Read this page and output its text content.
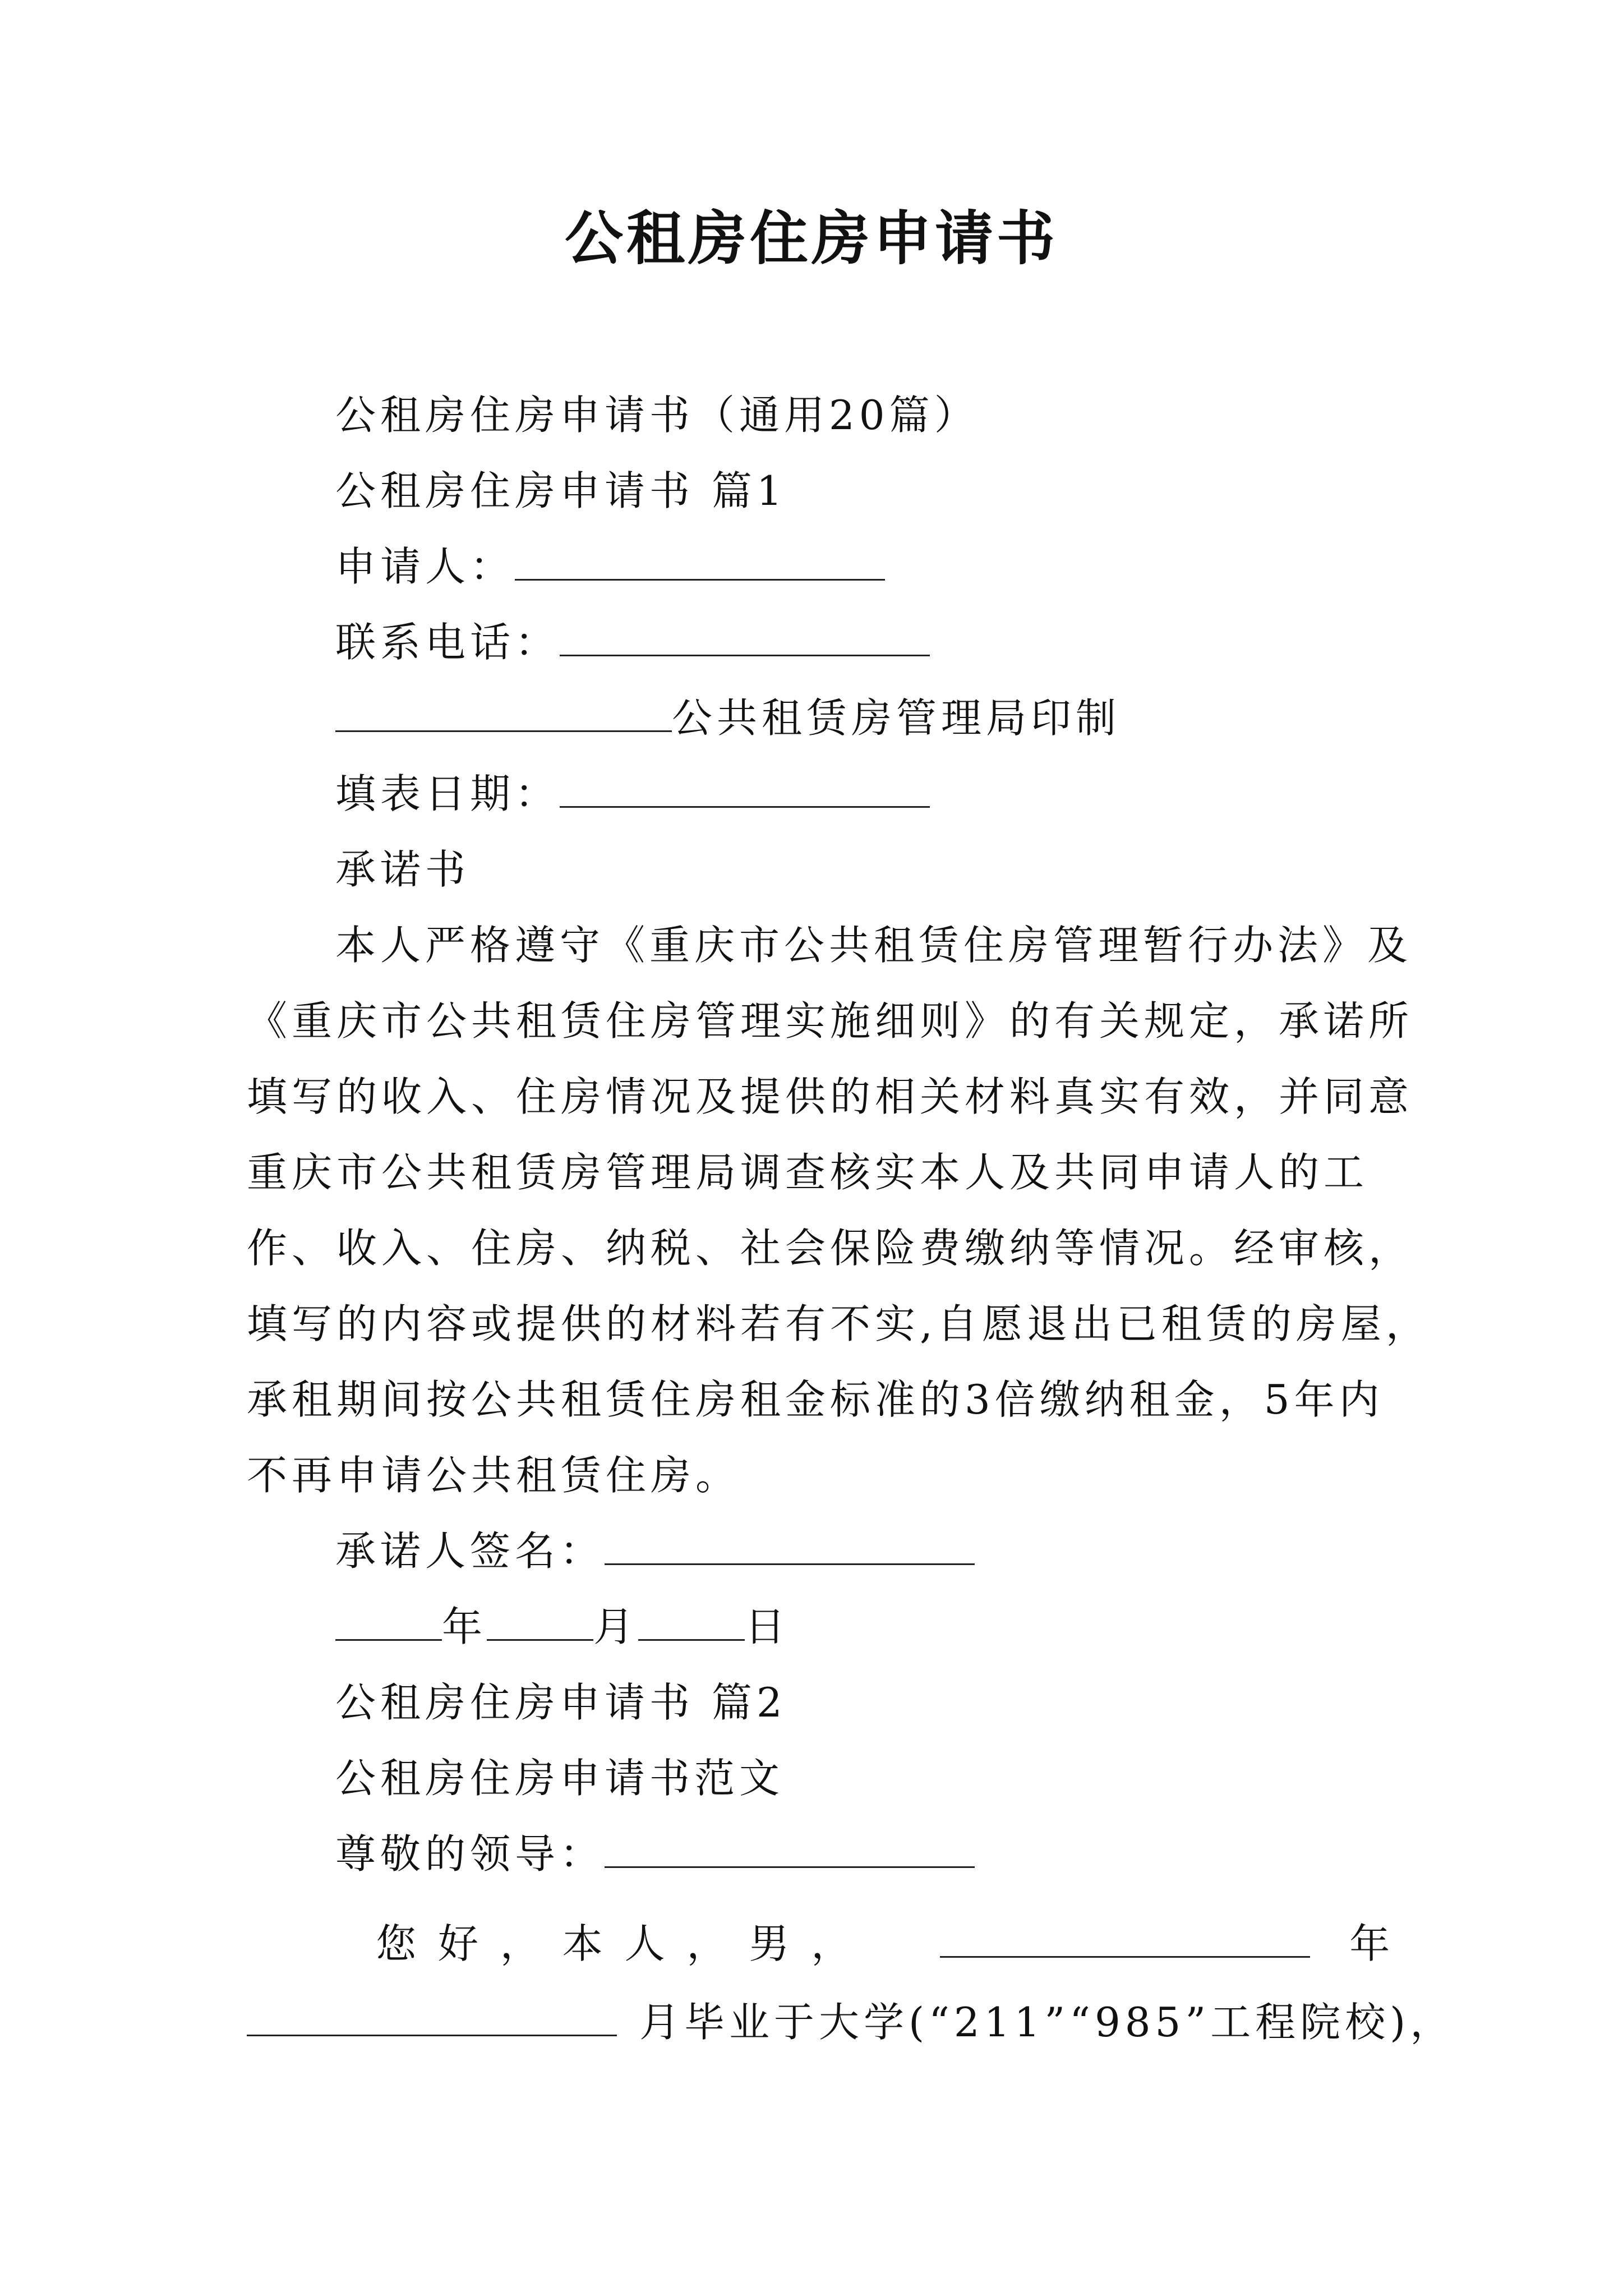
公租房住房申请书
公租房住房申请书（通用20篇）
公租房住房申请书 篇1
申请人：
联系电话：
公共租赁房管理局印制
填表日期：
承诺书
本人严格遵守《重庆市公共租赁住房管理暂行办法》及
《重庆市公共租赁住房管理实施细则》的有关规定，承诺所
填写的收入、住房情况及提供的相关材料真实有效，并同意
重庆市公共租赁房管理局调查核实本人及共同申请人的工
作、收入、住房、纳税、社会保险费缴纳等情况。经审核，
填写的内容或提供的材料若有不实,自愿退出已租赁的房屋，
承租期间按公共租赁住房租金标准的3倍缴纳租金，5年内
不再申请公共租赁住房。
承诺人签名：
年	月	日
公租房住房申请书 篇2
公租房住房申请书范文
尊敬的领导：
您 好 ， 本 人 ， 男 ，	年
月毕业于大学(“211”“985”工程院校)，
